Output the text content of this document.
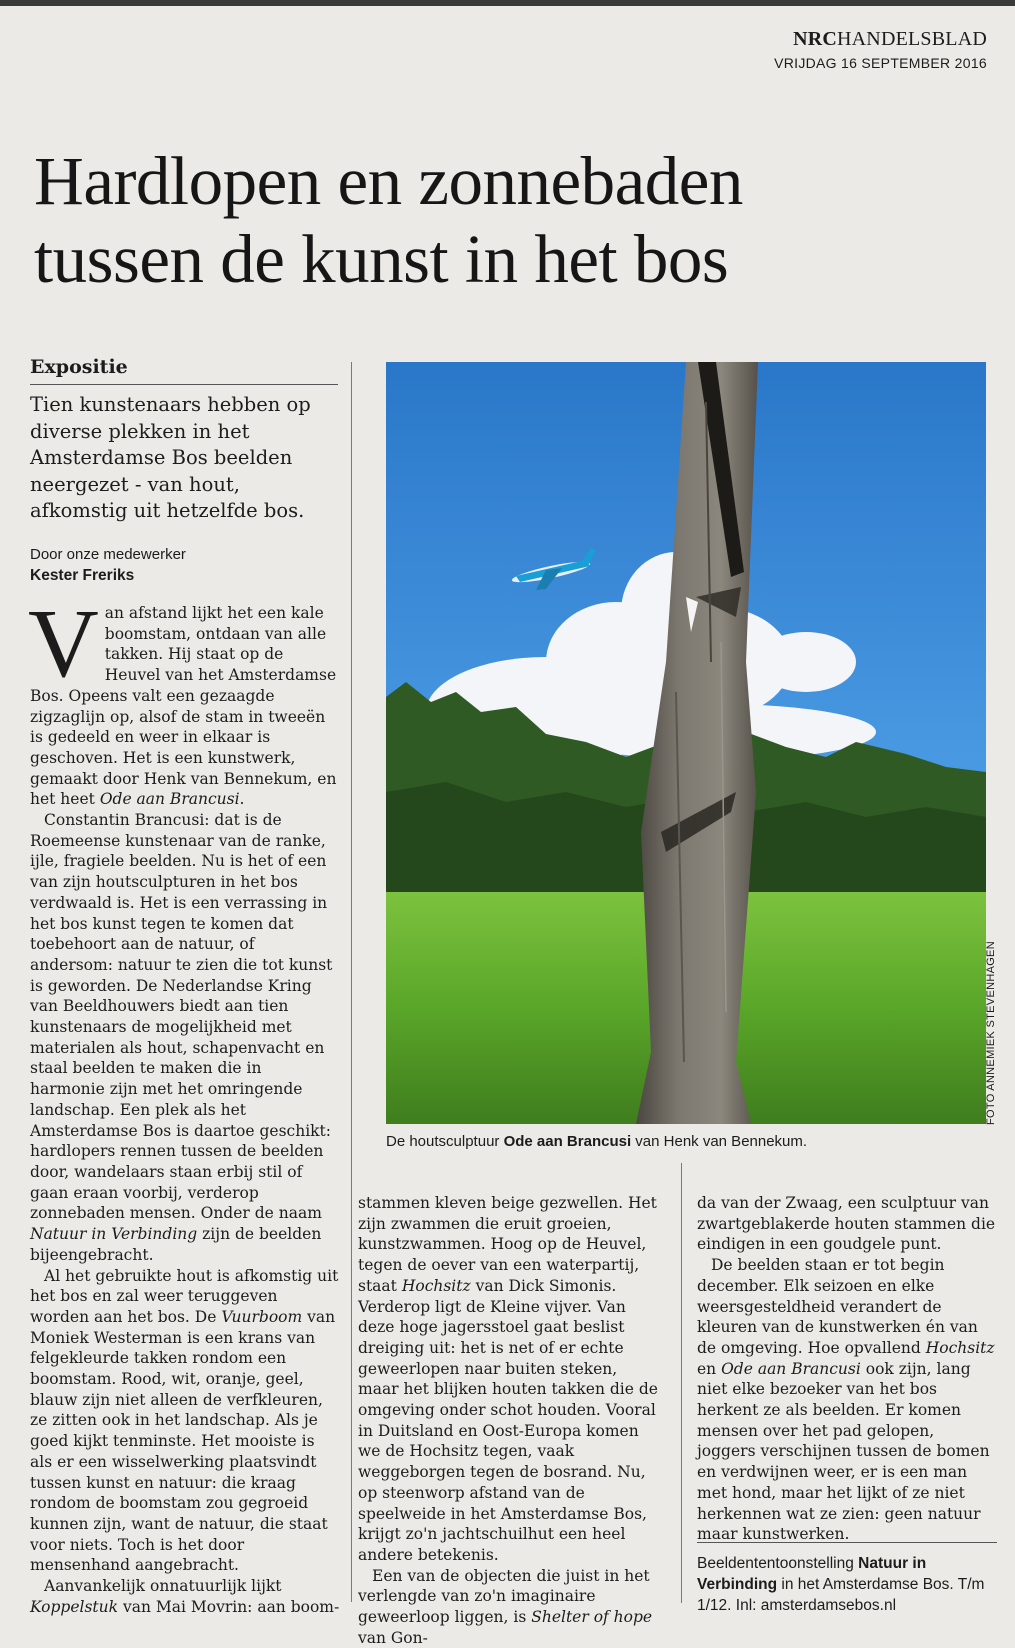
NRCHANDELSBLAD
VRIJDAG 16 SEPTEMBER 2016
Hardlopen en zonnebaden
tussen de kunst in het bos
Expositie

Tien kunstenaars hebben op diverse plekken in het Amsterdamse Bos beelden neergezet - van hout, afkomstig uit hetzelfde bos.

Door onze medewerker
Kester Freriks

Van afstand lijkt het een kale boomstam, ontdaan van alle takken. Hij staat op de Heuvel van het Amsterdamse Bos. Opeens valt een gezaagde zigzaglijn op, alsof de stam in tweeën is gedeeld en weer in elkaar is geschoven. Het is een kunstwerk, gemaakt door Henk van Bennekum, en het heet Ode aan Brancusi.

Constantin Brancusi: dat is de Roemeense kunstenaar van de ranke, ijle, fragiele beelden. Nu is het of een van zijn houtsculpturen in het bos verdwaald is. Het is een verrassing in het bos kunst tegen te komen dat toebehoort aan de natuur, of andersom: natuur te zien die tot kunst is geworden. De Nederlandse Kring van Beeldhouwers biedt aan tien kunstenaars de mogelijkheid met materialen als hout, schapenvacht en staal beelden te maken die in harmonie zijn met het omringende landschap. Een plek als het Amsterdamse Bos is daartoe geschikt: hardlopers rennen tussen de beelden door, wandelaars staan erbij stil of gaan eraan voorbij, verderop zonnebaden mensen. Onder de naam Natuur in Verbinding zijn de beelden bijeengebracht.

Al het gebruikte hout is afkomstig uit het bos en zal weer teruggeven worden aan het bos. De Vuurboom van Moniek Westerman is een krans van felgekleurde takken rondom een boomstam. Rood, wit, oranje, geel, blauw zijn niet alleen de verfkleuren, ze zitten ook in het landschap. Als je goed kijkt tenminste. Het mooiste is als er een wisselwerking plaatsvindt tussen kunst en natuur: die kraag rondom de boomstam zou gegroeid kunnen zijn, want de natuur, die staat voor niets. Toch is het door mensenhand aangebracht.

Aanvankelijk onnatuurlijk lijkt Koppelstuk van Mai Movrin: aan boom-

FOTO ANNEMIEK STEVENHAGEN
De houtsculptuur Ode aan Brancusi van Henk van Bennekum.

stammen kleven beige gezwellen. Het zijn zwammen die eruit groeien, kunstzwammen. Hoog op de Heuvel, tegen de oever van een waterpartij, staat Hochsitz van Dick Simonis. Verderop ligt de Kleine vijver. Van deze hoge jagersstoel gaat beslist dreiging uit: het is net of er echte geweerlopen naar buiten steken, maar het blijken houten takken die de omgeving onder schot houden. Vooral in Duitsland en Oost-Europa komen we de Hochsitz tegen, vaak weggeborgen tegen de bosrand. Nu, op steenworp afstand van de speelweide in het Amsterdamse Bos, krijgt zo'n jachtschuilhut een heel andere betekenis.

Een van de objecten die juist in het verlengde van zo'n imaginaire geweerloop liggen, is Shelter of hope van Gon-

da van der Zwaag, een sculptuur van zwartgeblakerde houten stammen die eindigen in een goudgele punt.

De beelden staan er tot begin december. Elk seizoen en elke weersgesteldheid verandert de kleuren van de kunstwerken én van de omgeving. Hoe opvallend Hochsitz en Ode aan Brancusi ook zijn, lang niet elke bezoeker van het bos herkent ze als beelden. Er komen mensen over het pad gelopen, joggers verschijnen tussen de bomen en verdwijnen weer, er is een man met hond, maar het lijkt of ze niet herkennen wat ze zien: geen natuur maar kunstwerken.

Beeldententoonstelling Natuur in Verbinding in het Amsterdamse Bos. T/m 1/12. Inl: amsterdamsebos.nl
